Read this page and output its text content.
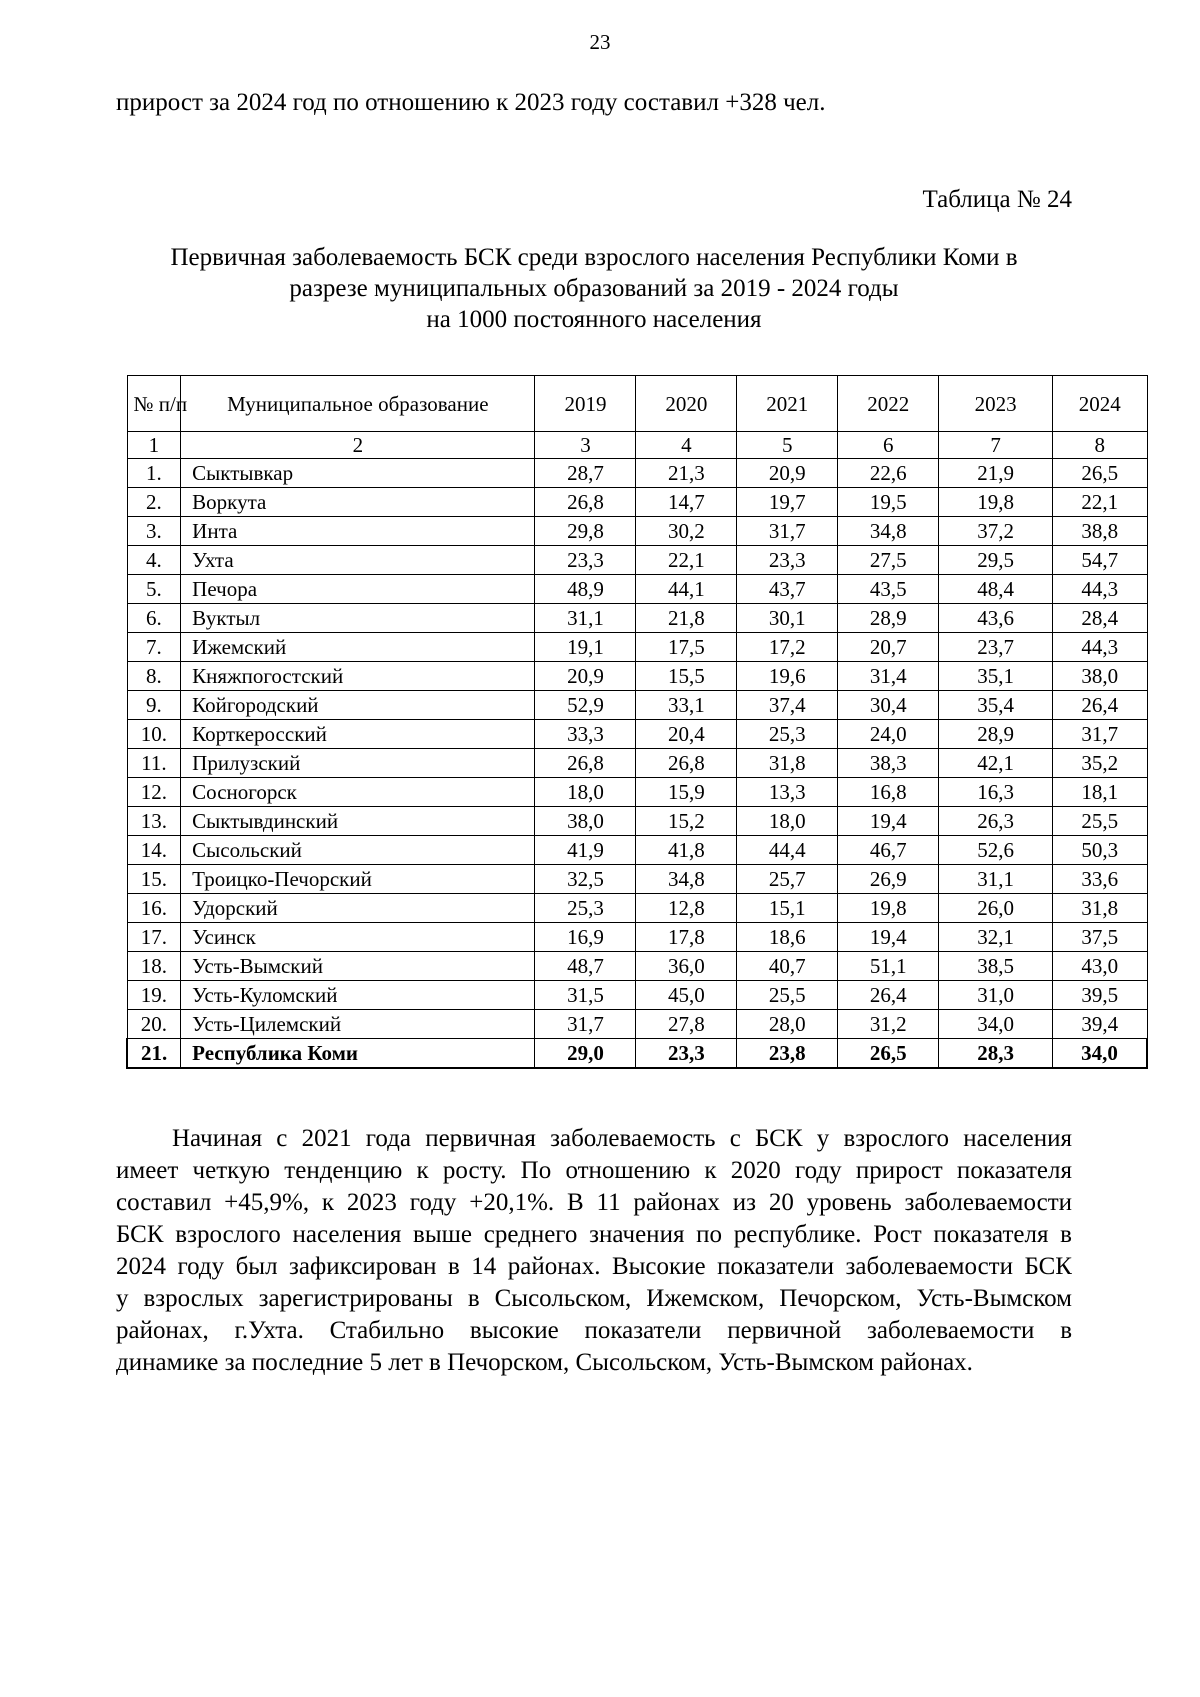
23
прирост за 2024 год по отношению к 2023 году составил +328 чел.
Таблица № 24
Первичная заболеваемость БСК среди взрослого населения Республики Коми в
разрезе муниципальных образований за 2019 - 2024 годы
на 1000 постоянного населения
№ п/п	Муниципальное образование	2019	2020	2021	2022	2023	2024
1	2	3	4	5	6	7	8
1.	Сыктывкар	28,7	21,3	20,9	22,6	21,9	26,5
2.	Воркута	26,8	14,7	19,7	19,5	19,8	22,1
3.	Инта	29,8	30,2	31,7	34,8	37,2	38,8
4.	Ухта	23,3	22,1	23,3	27,5	29,5	54,7
5.	Печора	48,9	44,1	43,7	43,5	48,4	44,3
6.	Вуктыл	31,1	21,8	30,1	28,9	43,6	28,4
7.	Ижемский	19,1	17,5	17,2	20,7	23,7	44,3
8.	Княжпогостский	20,9	15,5	19,6	31,4	35,1	38,0
9.	Койгородский	52,9	33,1	37,4	30,4	35,4	26,4
10.	Корткеросский	33,3	20,4	25,3	24,0	28,9	31,7
11.	Прилузский	26,8	26,8	31,8	38,3	42,1	35,2
12.	Сосногорск	18,0	15,9	13,3	16,8	16,3	18,1
13.	Сыктывдинский	38,0	15,2	18,0	19,4	26,3	25,5
14.	Сысольский	41,9	41,8	44,4	46,7	52,6	50,3
15.	Троицко-Печорский	32,5	34,8	25,7	26,9	31,1	33,6
16.	Удорский	25,3	12,8	15,1	19,8	26,0	31,8
17.	Усинск	16,9	17,8	18,6	19,4	32,1	37,5
18.	Усть-Вымский	48,7	36,0	40,7	51,1	38,5	43,0
19.	Усть-Куломский	31,5	45,0	25,5	26,4	31,0	39,5
20.	Усть-Цилемский	31,7	27,8	28,0	31,2	34,0	39,4
21.	Республика Коми	29,0	23,3	23,8	26,5	28,3	34,0
Начиная с 2021 года первичная заболеваемость с БСК у взрослого населения
имеет четкую тенденцию к росту. По отношению к 2020 году прирост показателя
составил +45,9%, к 2023 году +20,1%. В 11 районах из 20 уровень заболеваемости
БСК взрослого населения выше среднего значения по республике. Рост показателя в
2024 году был зафиксирован в 14 районах. Высокие показатели заболеваемости БСК
у взрослых зарегистрированы в Сысольском, Ижемском, Печорском, Усть-Вымском
районах, г.Ухта. Стабильно высокие показатели первичной заболеваемости в
динамике за последние 5 лет в Печорском, Сысольском, Усть-Вымском районах.
